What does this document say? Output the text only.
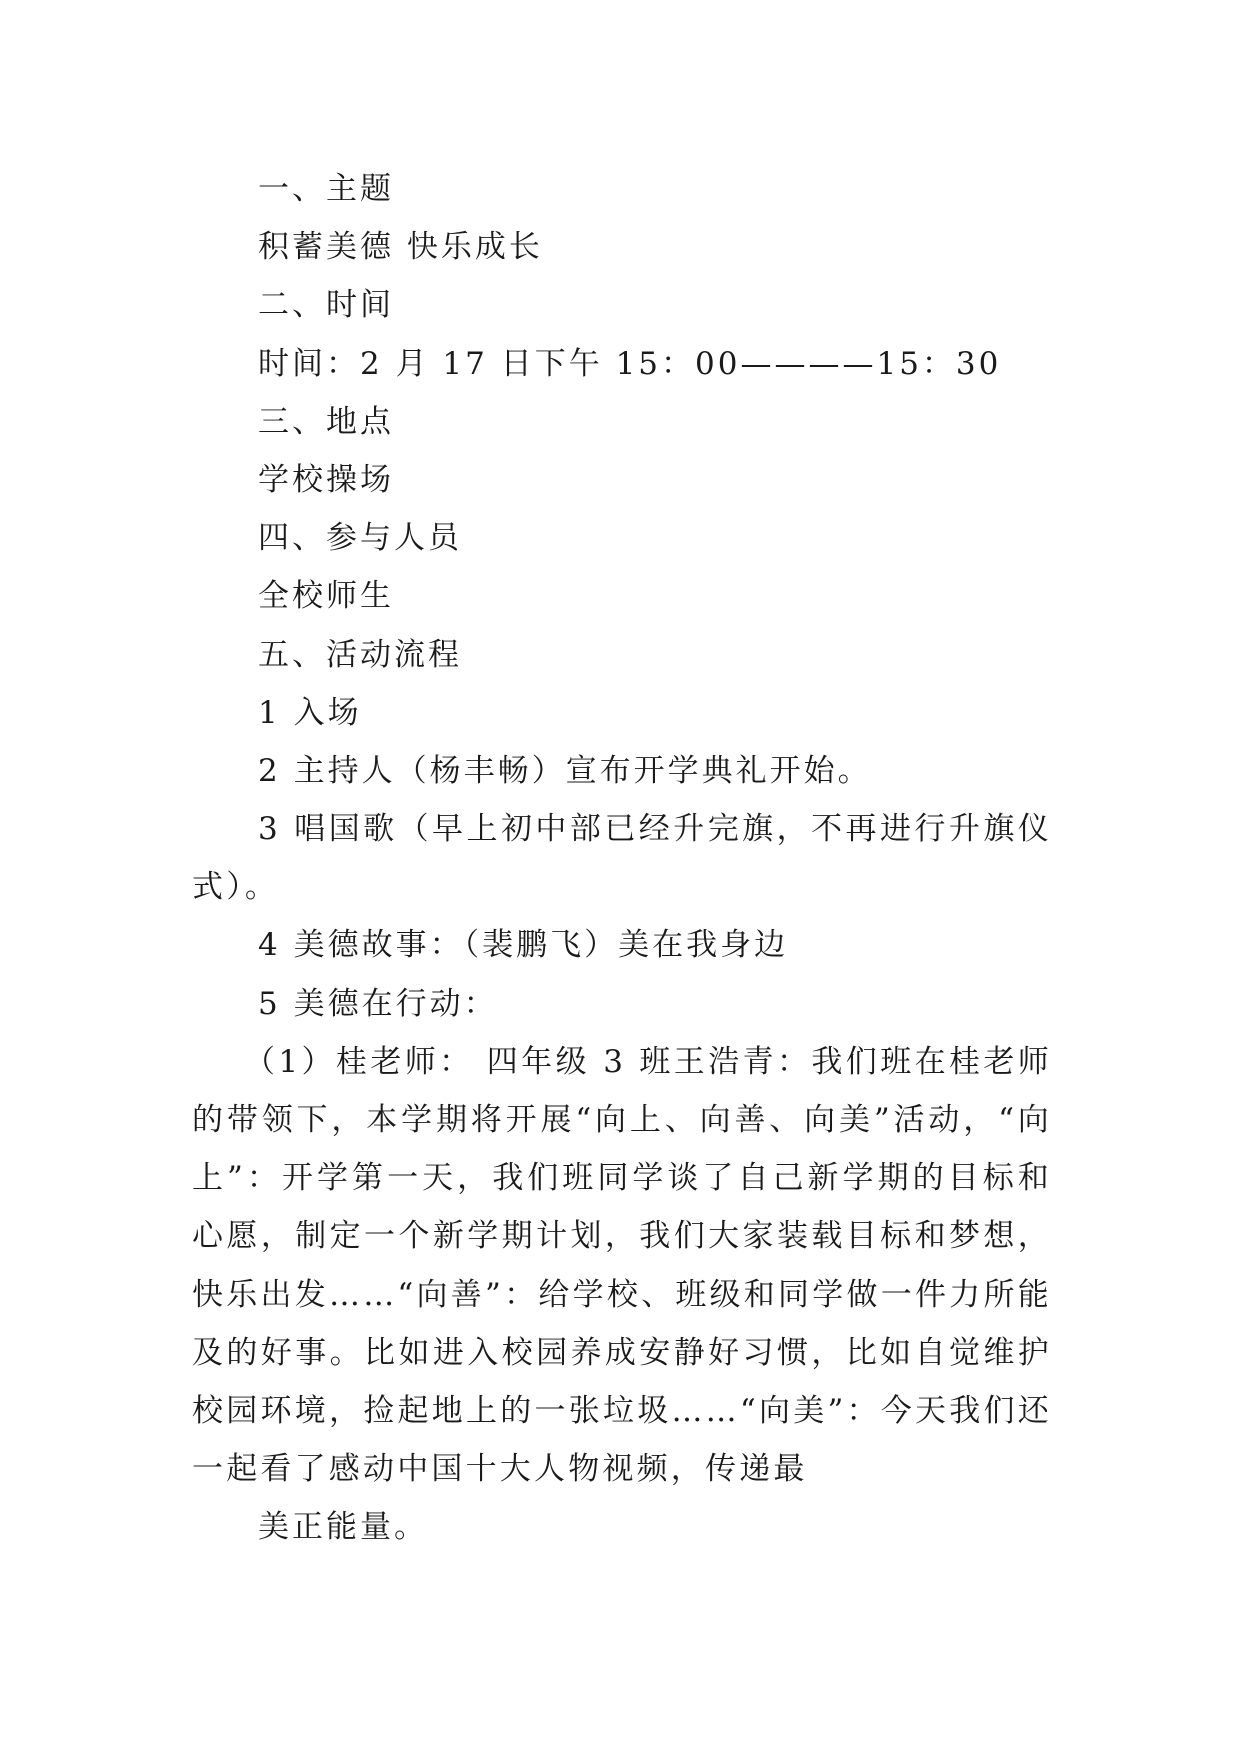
一、主题
积蓄美德 快乐成长
二、时间
时间：2 月 17 日下午 15：00————15：30
三、地点
学校操场
四、参与人员
全校师生
五、活动流程
1 入场
2 主持人（杨丰畅）宣布开学典礼开始。
3 唱国歌（早上初中部已经升完旗，不再进行升旗仪式）。
4 美德故事：（裴鹏飞）美在我身边
5 美德在行动：
（1）桂老师： 四年级 3 班王浩青：我们班在桂老师的带领下，本学期将开展“向上、向善、向美”活动，“向上”：开学第一天，我们班同学谈了自己新学期的目标和心愿，制定一个新学期计划，我们大家装载目标和梦想，快乐出发……“向善”：给学校、班级和同学做一件力所能及的好事。比如进入校园养成安静好习惯，比如自觉维护校园环境，捡起地上的一张垃圾……“向美”：今天我们还一起看了感动中国十大人物视频，传递最
美正能量。
